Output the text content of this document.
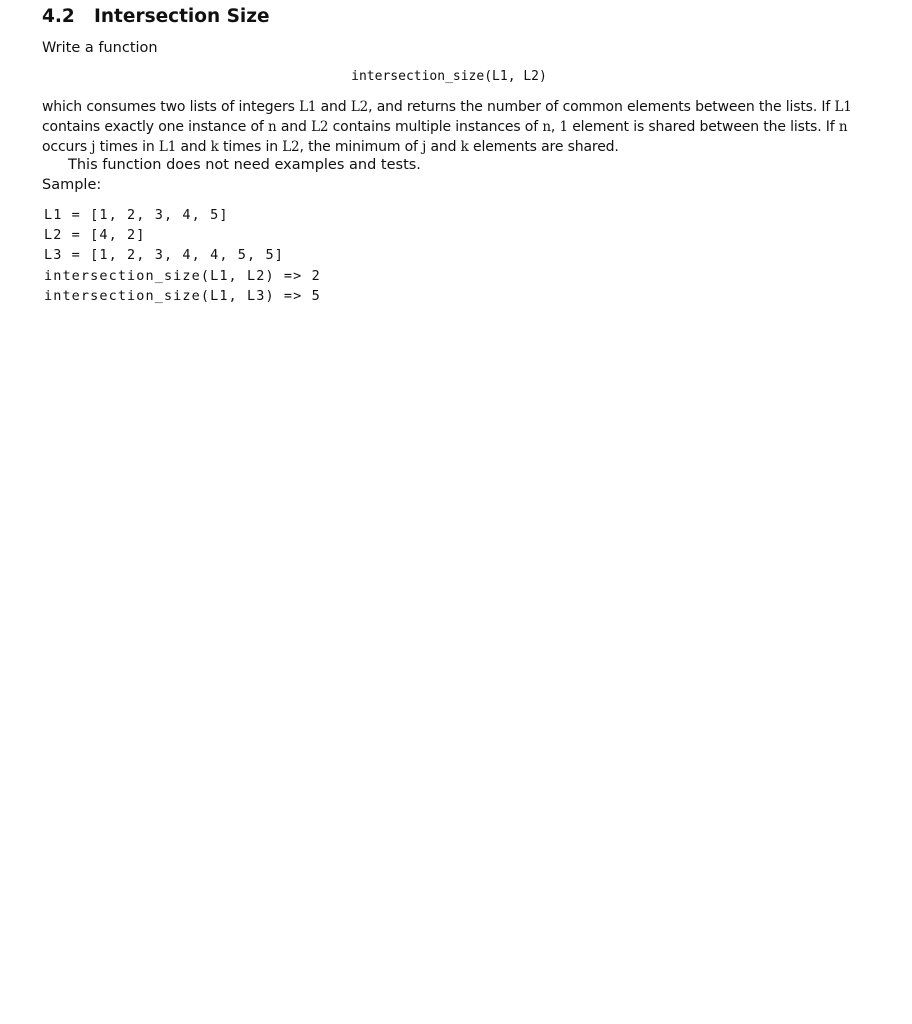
4.2 Intersection Size
Write a function
intersection_size(L1, L2)
which consumes two lists of integers L1 and L2, and returns the number of common elements between the lists. If L1
contains exactly one instance of n and L2 contains multiple instances of n, 1 element is shared between the lists. If n
occurs j times in L1 and k times in L2, the minimum of j and k elements are shared.
This function does not need examples and tests.
Sample:
L1 = [1, 2, 3, 4, 5]
L2 = [4, 2]
L3 = [1, 2, 3, 4, 4, 5, 5]
intersection_size(L1, L2) => 2
intersection_size(L1, L3) => 5
